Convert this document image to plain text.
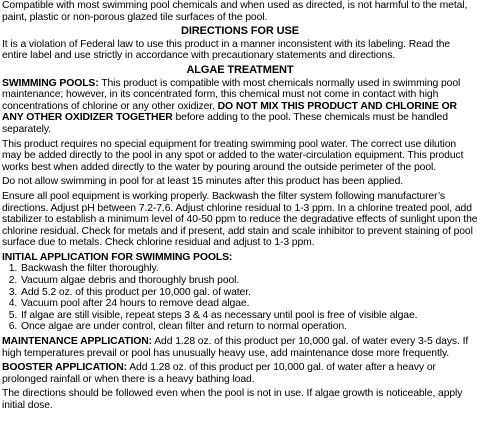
Compatible with most swimming pool chemicals and when used as directed, is not harmful to the metal, paint, plastic or non-porous glazed tile surfaces of the pool.

DIRECTIONS FOR USE

It is a violation of Federal law to use this product in a manner inconsistent with its labeling. Read the entire label and use strictly in accordance with precautionary statements and directions.

ALGAE TREATMENT

SWIMMING POOLS: This product is compatible with most chemicals normally used in swimming pool maintenance; however, in its concentrated form, this chemical must not come in contact with high concentrations of chlorine or any other oxidizer. DO NOT MIX THIS PRODUCT AND CHLORINE OR ANY OTHER OXIDIZER TOGETHER before adding to the pool. These chemicals must be handled separately.

This product requires no special equipment for treating swimming pool water. The correct use dilution may be added directly to the pool in any spot or added to the water-circulation equipment. This product works best when added directly to the water by pouring around the outside perimeter of the pool.

Do not allow swimming in pool for at least 15 minutes after this product has been applied.

Ensure all pool equipment is working properly. Backwash the filter system following manufacturer’s directions. Adjust pH between 7.2-7.6. Adjust chlorine residual to 1-3 ppm. In a chlorine treated pool, add stabilizer to establish a minimum level of 40-50 ppm to reduce the degradative effects of sunlight upon the chlorine residual. Check for metals and if present, add stain and scale inhibitor to prevent staining of pool surface due to metals. Check chlorine residual and adjust to 1-3 ppm.

INITIAL APPLICATION FOR SWIMMING POOLS:
1. Backwash the filter thoroughly.
2. Vacuum algae debris and thoroughly brush pool.
3. Add 5.2 oz. of this product per 10,000 gal. of water.
4. Vacuum pool after 24 hours to remove dead algae.
5. If algae are still visible, repeat steps 3 & 4 as necessary until pool is free of visible algae.
6. Once algae are under control, clean filter and return to normal operation.

MAINTENANCE APPLICATION: Add 1.28 oz. of this product per 10,000 gal. of water every 3-5 days. If high temperatures prevail or pool has unusually heavy use, add maintenance dose more frequently.

BOOSTER APPLICATION: Add 1.28 oz. of this product per 10,000 gal. of water after a heavy or prolonged rainfall or when there is a heavy bathing load.

The directions should be followed even when the pool is not in use. If algae growth is noticeable, apply initial dose.
